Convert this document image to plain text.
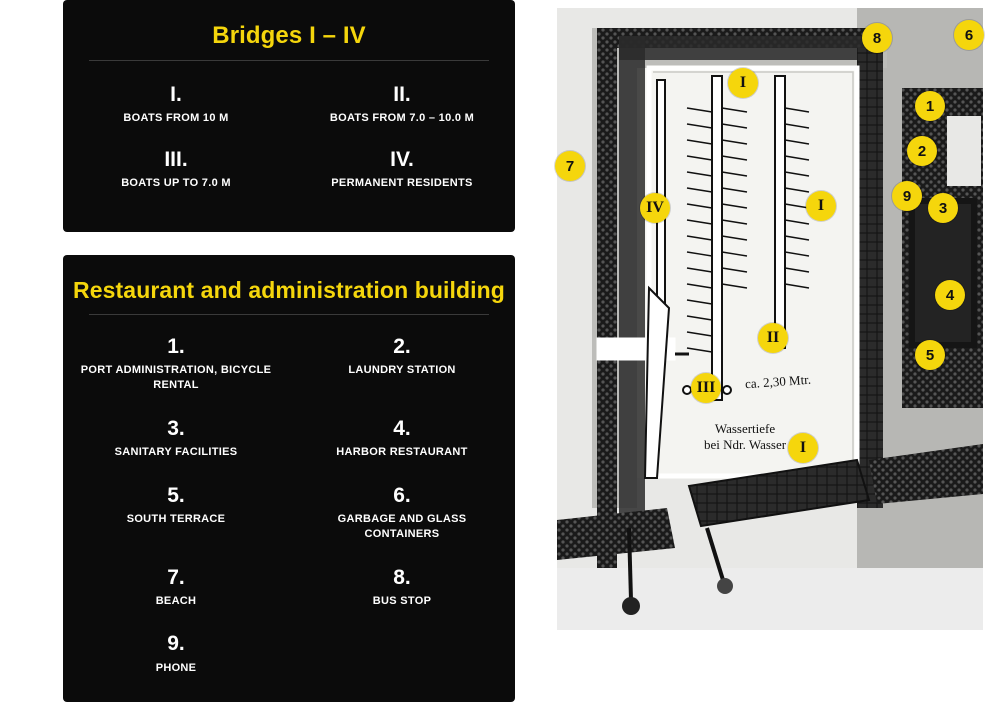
Bridges I – IV
I.
BOATS FROM 10 M
II.
BOATS FROM 7.0 – 10.0 M
III.
BOATS UP TO 7.0 M
IV.
PERMANENT RESIDENTS
Restaurant and administration building
1.
PORT ADMINISTRATION, BICYCLE RENTAL
2.
LAUNDRY STATION
3.
SANITARY FACILITIES
4.
HARBOR RESTAURANT
5.
SOUTH TERRACE
6.
GARBAGE AND GLASS CONTAINERS
7.
BEACH
8.
BUS STOP
9.
PHONE
8	6
1
2
9
3
4
5
7
I
IV	I
II
III
I
ca. 2,30 Mtr.
Wassertiefe
bei Ndr. Wasser
